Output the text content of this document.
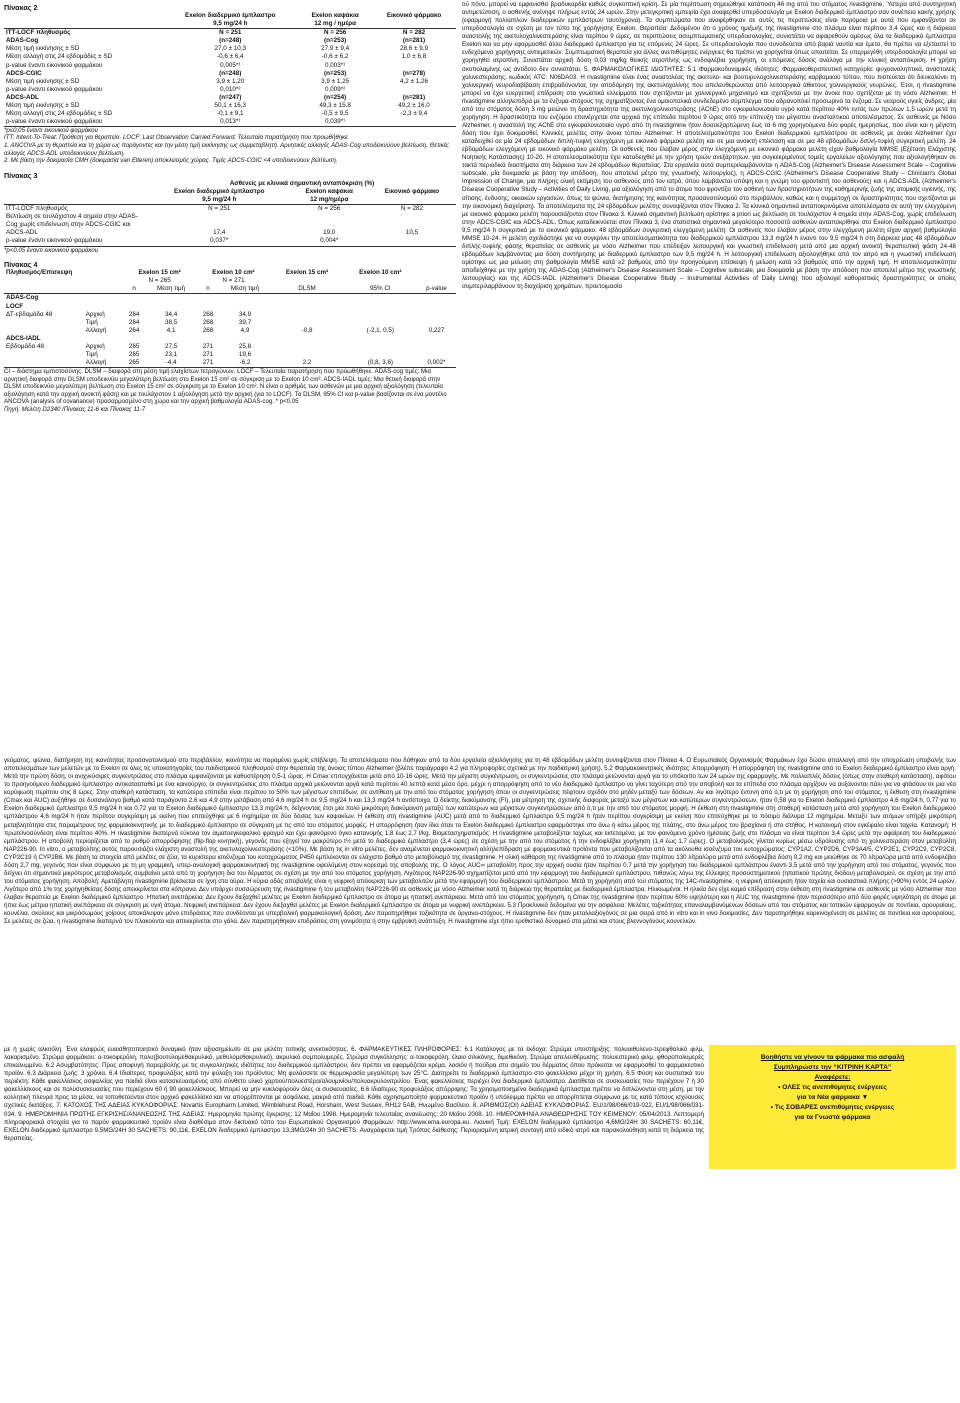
Πίνακας 2
	Exelon διαδερμικό έμπλαστρο	Exelon καψάκια	Εικονικό φάρμακο
	9,5 mg/24 h	12 mg / ημέρα	
ITT-LOCF πληθυσμός	N = 251	N = 256	N = 282
ADAS-Cog	(n=248)	(n=253)	(n=281)
Μέση τιμή εκκίνησης ± SD	27,0 ± 10,3	27,9 ± 9,4	28,6 ± 9,9
Μέση αλλαγή στις 24 εβδομάδες ± SD	-0,6 ± 6,4	-0,6 ± 6,2	1,0 ± 6,8
p-value έναντι εικονικού φαρμάκου	0,005*¹	0,003*¹	
ADCS-CGIC	(n=248)	(n=253)	(n=278)
Μέση τιμή εκκίνησης ± SD	3,9 ± 1,20	3,9 ± 1,25	4,2 ± 1,26
p-value έναντι εικονικού φαρμάκου	0,010*²	0,009*²	
ADCS-ADL	(n=247)	(n=254)	(n=281)
Μέση τιμή εκκίνησης ± SD	50,1 ± 16,3	49,3 ± 15,8	49,2 ± 16,0
Μέση αλλαγή στις 24 εβδομάδες ± SD	-0,1 ± 9,1	-0,5 ± 9,5	-2,3 ± 9,4
p-value έναντι εικονικού φαρμάκου	0,013*¹	0,039*¹	
*p≤0,05 έναντι εικονικού φαρμάκου
ITT: Intent-To-Treat: Πρόθεση για θεραπεία· LOCF: Last Observation Carried Forward: Τελευταία παρατήρηση που προωθήθηκε
1. ANCOVA με τη θεραπεία και τη χώρα ως παράγοντες και την μέση τιμή εκκίνησης ως συμμεταβλητή. Αρνητικές αλλαγές ADAS-Cog υποδεικνύουν βελτίωση. Θετικές αλλαγές ADCS-ADL υποδεικνύουν βελτίωση.
2. Με βάση την δοκιμασία CMH (δοκιμασία van Elteren) αποκλεισμός χώρας. Τιμές ADCS-CGIC <4 υποδεικνύουν βελτίωση.
Πίνακας 3
	Ασθενείς με κλινικά σημαντική ανταπόκριση (%)		
	Exelon διαδερμικό έμπλαστρο	Exelon καψάκια	Εικονικό φάρμακο
	9,5 mg/24 h	12 mg/ημέρα	
ITT-LOCF πληθυσμός	N = 251	N = 256	N = 282
Βελτίωση σε τουλάχιστον 4 σημεία στην ADAS-Cog χωρίς επιδείνωση στην ADCS-CGIC και ADCS-ADL	17,4	19,0	10,5
p-value έναντι εικονικού φαρμάκου	0,037*	0,004*	
*p<0,05 έναντι εικονικού φαρμάκου
Πίνακας 4
Πληθυσμός/Επίσκεψη		Exelon 15 cm²		Exelon 10 cm²		Exelon 15 cm²	Exelon 10 cm²	
		N = 265		N = 271				
		n	Μέση τιμή	n	Μέση τιμή	DLSM	95% CI	p-value
ADAS-Cog								
LOCF								
ΔΤ-εβδομάδα 48	Αρχική	264	34,4	268	34,9			
	Τιμή	264	38,5	268	39,7			
	Αλλαγή	264	4,1	268	4,9	-0,8	(-2,1, 0,5)	0,227
ADCS-IADL								
Εβδομάδα 48	Αρχική	265	27,5	271	25,8			
	Τιμή	265	23,1	271	19,6			
	Αλλαγή	265	-4,4	271	-6,2	2,2	(0,8, 3,6)	0,002*
CI – διάστημα εμπιστοσύνης. DLSM – διαφορά στη μέση τιμή ελαχίστων τετραγώνων. LOCF – Τελευταία παρατήρηση που προωθήθηκε. ADAS-cog τιμές: Μια αρνητική διαφορά στην DLSM υποδεικνύει μεγαλύτερη βελτίωση στο Exelon 15 cm² σε σύγκριση με το Exelon 10 cm². ADCS-IADL τιμές: Μια θετική διαφορά στην DLSM υποδεικνύει μεγαλύτερη βελτίωση στο Exelon 15 cm² σε σύγκριση με το Exelon 10 cm². Ν είναι ο αριθμός των ασθενών με μια αρχική αξιολόγηση (τελευταία αξιολόγηση κατά την αρχική ανοικτή φάση) και με τουλάχιστον 1 αξιολόγηση μετά την αρχική (για το LOCF). Τα DLSM, 95% CI και p-value βασίζονται σε ένα μοντέλο ANCOVA (analysis of covariance) προσαρμοσμένο στη χώρα και την αρχική βαθμολογία ADAS-cog. * p<0,05
Πηγή: Μελέτη D2340 /Πίνακας 11-6 και Πίνακας 11-7

ού πόνο, μπορεί να εμφανισθεί βραδυκαρδία καθώς συγκοπτική κρίση. Σε μία περίπτωση σημειώθηκε κατάποση 46 mg από του στόματος rivastigmine. Ύστερα από συντηρητική αντιμετώπιση, ο ασθενής ανένηψε πλήρως εντός 24 ωρών. Στην μετεγκριτική εμπειρία έχει αναφερθεί υπερδοσολογία με Exelon διαδερμικό έμπλαστρο σαν συνέπεια κακής χρήσης (εφαρμογή πολλαπλών διαδερμικών εμπλάστρων ταυτόχρονα). Τα συμπτώματα που αναφέρθηκαν σε αυτές τις περιπτώσεις είναι παρόμοια με αυτά που εμφανίζονται σε υπερδοσολογία σε σχέση με τον τύπο της χορήγησης Exelon. Θεραπεία: Δεδομένου ότι ο χρόνος ημιζωής της rivastigmine στο πλάσμα είναι περίπου 3,4 ώρες και η διάρκεια αναστολής της ακετυλοχολινεστεράσης είναι περίπου 9 ώρες, σε περιπτώσεις ασυμπτωματικής υπερδοσολογίας, συνιστάται να αφαιρεθούν αμέσως όλα τα διαδερμικά έμπλαστρα Exelon και να μην εφαρμοσθεί άλλο διαδερμικό έμπλαστρο για τις επόμενες 24 ώρες. Σε υπερδοσολογία που συνοδεύεται από βαριά ναυτία και έμετο, θα πρέπει να εξεταστεί το ενδεχόμενο χορήγησης αντιεμετικών. Συμπτωματική θεραπεία για άλλες ανεπιθύμητες ενέργειες θα πρέπει να χορηγείται όπως απαιτείται. Σε υπερμεγέθη υπερδοσολογία μπορεί να χορηγηθεί ατροπίνη. Συνιστάται αρχική δόση 0,03 mg/kg θειικής ατροπίνης ως ενδοφλέβια χορήγηση, οι επόμενες δόσεις ανάλογα με την κλινική ανταπόκριση. Η χρήση σκοπολαμίνης ως αντίδοτο δεν συνιστάται. 5. ΦΑΡΜΑΚΟΛΟΓΙΚΕΣ ΙΔΙΟΤΗΤΕΣ: 5.1 Φαρμακοδυναμικές ιδιότητες: Φαρμακοθεραπευτική κατηγορία: ψυχοαναληπτικά, αναστολείς χολινεστεράσης, κωδικός ATC: N06DA03. Η rivastigmine είναι ένας αναστολέας της ακετυλο- και βουτυρυλοχολινεστεράσης καρβαμικού τύπου, που πιστεύεται ότι διευκολύνει τη χολινεργική νευροδιαβίβαση επιβραδύνοντας την αποδόμηση της ακετυλοχολίνης που απελευθερώνεται από λειτουργικά άθικτους χολινεργικούς νευρώνες. Έτσι, η rivastigmine μπορεί να έχει ευεργετική επίδραση στα γνωστικά ελλείμματα που σχετίζονται με χολινεργικό μηχανισμό και σχετίζονται με την άνοια που σχετίζεται με τη νόσο Alzheimer. Η rivastigmine αλληλεπιδρά με τα ένζυμα-στόχους της σχηματίζοντας ένα ομοιοπολικά συνδεδεμένο σύμπλεγμα που αδρανοποιεί προσωρινά τα ένζυμα. Σε νεαρούς υγιείς άνδρες, μία από του στόματος δόση 3 mg μειώνει τη δραστηριότητα της ακετυλοχολινεστεράσης (AChE) στο εγκεφαλονωτιαίο υγρό κατά περίπου 40% εντός των πρώτων 1,5 ωρών μετά τη χορήγηση. Η δραστικότητα του ενζύμου επανέρχεται στα αρχικά της επίπεδα περίπου 9 ώρες από την επίτευξη του μέγιστου ανασταλτικού αποτελέσματος. Σε ασθενείς με Νόσο Alzheimer, η αναστολή της AChE στο εγκεφαλονωτιαίο υγρό από τη rivastigmine ήταν δοσοεξαρτώμενη έως τα 6 mg χορηγούμενα δύο φορές ημερησίως, που είναι και η μέγιστη δόση που έχει δοκιμασθεί. Κλινικές μελέτες στην άνοια τύπου Alzheimer: Η αποτελεσματικότητα του Exelon διαδερμικού εμπλάστρου σε ασθενείς με άνοια Alzheimer έχει καταδειχθεί σε μία 24 εβδομάδων διπλή-τυφλή ελεγχόμενη με εικονικό φάρμακο μελέτη και σε μια ανοικτή επέκταση και σε μια 48 εβδομάδων διπλή-τυφλή συγκριτική μελέτη. 24 εβδομάδων ελεγχόμενη με εικονικό φάρμακο μελέτη: Οι ασθενείς που έλαβαν μέρος στην ελεγχόμενη με εικονικό φάρμακο μελέτη είχαν βαθμολογία MMSE (Εξέταση Ελάχιστης Νοητικής Κατάστασης) 10-20. Η αποτελεσματικότητα έχει καταδειχθεί με την χρήση τριών ανεξάρτητων, για συγκεκριμένους τομείς εργαλείων αξιολόγησης που αξιολογήθηκαν σε τακτά περιοδικά διαστήματα στη διάρκεια των 24 εβδομάδων θεραπείας. Στα εργαλεία αυτά συμπεριλαμβάνονται η ADAS-Cog (Alzheimer's Disease Assessment Scale – Cognitive subscale, μία δοκιμασία με βάση την απόδοση, που αποτελεί μέτρο της γνωστικής λειτουργίας), η ADCS-CGIC (Alzheimer's Disease Cooperative Study – Clinician's Global Impression of Change, μια πλήρης ολική εκτίμηση του ασθενούς από τον ιατρό, όπου λαμβάνεται υπόψη και η γνώμη του φροντιστή του ασθενούς) και η ADCS-ADL (Alzheimer's Disease Cooperative Study – Activities of Daily Living, μια αξιολόγηση από το άτομο που φροντίζει τον ασθενή των δραστηριοτήτων της καθημερινής ζωής της ατομικής υγιεινής, της σίτισης, ένδυσης, οικιακών εργασιών, όπως τα ψώνια, διατήρησης της ικανότητας προσανατολισμού στο περιβάλλον, καθώς και η συμμετοχή σε δραστηριότητες που σχετίζονται με την οικονομική διαχείριση). Τα αποτελέσματα της 24 εβδομάδων μελέτης συνοψίζονται στον Πίνακα 2. Τα κλινικά σημαντικά ανταποκρινόμενα αποτελέσματα σε αυτή την ελεγχόμενη με εικονικό φάρμακο μελέτη παρουσιάζονται στον Πίνακα 3. Κλινικά σημαντική βελτίωση ορίστηκε a priori ως βελτίωση σε τουλάχιστον 4 σημεία στην ADAS-Cog, χωρίς επιδείνωση στην ADCS-CGIC και ADCS-ADL. Όπως καταδεικνύεται στον Πίνακα 3, ένα στατιστικά σημαντικά μεγαλύτερο ποσοστό ασθενών ανταποκρίθηκε στο Exelon διαδερμικό έμπλαστρο 9,5 mg/24 h συγκριτικά με το εικονικό φάρμακο. 48 εβδομάδων συγκριτική ελεγχόμενη μελέτη: Οι ασθενείς που έλαβαν μέρος στην ελεγχόμενη μελέτη είχαν αρχική βαθμολογία MMSE 10-24. Η μελέτη σχεδιάστηκε για να συγκρίνει την αποτελεσματικότητα του διαδερμικού εμπλάστρου 13,3 mg/24 h έναντι του 9,5 mg/24 h στη διάρκεια μιας 48 εβδομάδων διπλής-τυφλής φάσης θεραπείας σε ασθενείς με νόσο Alzheimer που επέδειξαν λειτουργική και γνωστική επιδείνωση μετά από μια αρχική ανοικτή θεραπευτική φάση 24-48 εβδομάδων λαμβάνοντας μια δόση συντήρησης με διαδερμικό έμπλαστρο των 9,5 mg/24 h. Η λειτουργική επιδείνωση αξιολογήθηκε από τον ιατρό και η γνωστική επιδείνωση ορίστηκε ως μια μείωση στη βαθμολογία MMSE κατά ≥2 βαθμούς από την προηγούμενη επίσκεψη ή μείωση κατά ≥3 βαθμούς από την αρχική τιμή. Η αποτελεσματικότητα αποδείχθηκε με την χρήση της ADAS-Cog (Alzheimer's Disease Assessment Scale – Cognitive subscale, μια δοκιμασία με βάση την απόδοση που αποτελεί μέτρο της γνωστικής λειτουργίας) και της ADCS-IADL (Alzheimer's Disease Cooperative Study – Instrumental Activities of Daily Living) που αξιολογεί καθοριστικές δραστηριότητες οι οποίες συμπεριλαμβάνουν τη διαχείριση χρημάτων, προετοιμασία

γεύματος, ψώνια, διατήρηση της ικανότητας προσανατολισμού στο περιβάλλον, ικανότητα να παραμένει χωρίς επίβλεψη. Τα αποτελέσματα που δόθηκαν από τα δύο εργαλεία αξιολόγησης για τη 48 εβδομάδων μελέτη συνοψίζονται στον Πίνακα 4. Ο Ευρωπαϊκός Οργανισμός Φαρμάκων έχει δώσει απαλλαγή από την υποχρέωση υποβολής των αποτελεσμάτων των μελετών με το Exelon σε όλες τις υποκατηγορίες του παιδιατρικού πληθυσμού στην θεραπεία της άνοιας τύπου Alzheimer (βλέπε παράγραφο 4.2 για πληροφορίες σχετικά με την παιδιατρική χρήση). 5.2 Φαρμακοκινητικές ιδιότητες: Απορρόφηση: Η απορρόφηση της rivastigmine από το Exelon διαδερμικό έμπλαστρο είναι αργή. Μετά την πρώτη δόση, οι ανιχνεύσιμες συγκεντρώσεις στο πλάσμα εμφανίζονται με καθυστέρηση 0,5-1 ώρας. Η Cmax επιτυγχάνεται μετά από 10-16 ώρες. Μετά την μέγιστη συγκέντρωση, οι συγκεντρώσεις στο πλάσμα μειώνονται αργά για το υπόλοιπο των 24 ωρών της εφαρμογής. Με πολλαπλές δόσεις (όπως στην σταθερή κατάσταση), αφότου το προηγούμενο διαδερμικό έμπλαστρο αντικατασταθεί με ένα καινούργιο, οι συγκεντρώσεις στο πλάσμα αρχικά μειώνονται αργά κατά περίπου 40 λεπτά κατά μέσο όρο, μέχρι η απορρόφηση από το νέο διαδερμικό έμπλαστρο να γίνει ταχύτερη από την αποβολή και τα επίπεδα στο πλάσμα αρχίζουν να αυξάνονται πάλι για να φτάσουν σε μια νέα κορύφωση περίπου στις 8 ώρες. Στην σταθερή κατάσταση, τα κατώτερα επίπεδα είναι περίπου το 50% των μέγιστων επιπέδων, σε αντίθεση με την από του στόματος χορήγηση όπου οι συγκεντρώσεις πέφτουν σχεδόν στο μηδέν μεταξύ των δόσεων. Αν και λιγότερο έντονη από ό,τι με τη χορήγηση από του στόματος, η έκθεση στη rivastigmine (Cmax και AUC) αυξήθηκε σε δυσανάλογο βαθμό κατά παράγοντα 2,6 και 4,9 στην μετάβαση από 4,6 mg/24 h σε 9,5 mg/24 h και 13,3 mg/24 h αντίστοιχα. Ο δείκτης διακύμανσης (FI), μια μέτρηση της σχετικής διαφοράς μεταξύ των μέγιστων και κατώτερων συγκεντρώσεων, ήταν 0,58 για το Exelon διαδερμικό έμπλαστρο 4,6 mg/24 h, 0,77 για το Exelon διαδερμικό έμπλαστρο 9,5 mg/24 h και 0,72 για το Exelon διαδερμικό έμπλαστρο 13,3 mg/24 h, δείχνοντας έτσι μια πολύ μικρότερη διακύμανση μεταξύ των κατώτερων και μέγιστων συγκεντρώσεων από ό,τι με την από του στόματος μορφή. Η έκθεση στη rivastigmine στη σταθερή κατάσταση μετά από χορήγηση του Exelon διαδερμικού εμπλάστρου 4,6 mg/24 h ήταν περίπου συγκρίσιμη με εκείνη που επιτεύχθηκε με 6 mg/ημέρα σε δύο δόσεις των καψακίων. Η έκθεση στη rivastigmine (AUC) μετά από το διαδερμικό έμπλαστρο 9,5 mg/24 h ήταν περίπου συγκρίσιμη με εκείνη που επιτεύχθηκε με το πόσιμο διάλυμα 12 mg/ημέρα. Μεταξύ των ατόμων υπήρξε μικρότερη μεταβλητότητα στις παραμέτρους της φαρμακοκινητικής με το διαδερμικό έμπλαστρο σε σύγκριση με τις από του στόματος μορφές. Η απορρόφηση ήταν ίδια όταν το Exelon διαδερμικό έμπλαστρο εφαρμόστηκε στο άνω ή κάτω μέρος της πλάτης, στο άνω μέρος του βραχίονα ή στο στήθος. Η κατανομή στον εγκέφαλο είναι ταχεία. Κατανομή: Η πρωτεϊνοσύνδεση είναι περίπου 40%. Η rivastigmine διαπερνά εύκολα τον αιματοεγκεφαλικό φραγμό και έχει φαινόμενο όγκο κατανομής 1,8 έως 2,7 l/kg. Βιομετασχηματισμός: Η rivastigmine μεταβολίζεται ταχέως και εκτεταμένα, με τον φαινόμενο χρόνο ημίσειας ζωής στο πλάσμα να είναι περίπου 3,4 ώρες μετά την αφαίρεση του διαδερμικού εμπλάστρου. Η αποβολή περιορίζεται από το ρυθμό απορρόφησης (flip-flop κινητική), γεγονός που εξηγεί τον μακρύτερο t½ μετά το διαδερμικό έμπλαστρο (3,4 ώρες) σε σχέση με την από του στόματος ή την ενδοφλέβια χορήγηση (1,4 έως 1,7 ώρες). Ο μεταβολισμός γίνεται κυρίως μέσω υδρόλυσης από τη χολινεστεράση στον μεταβολίτη NAP226-90. In vitro, ο μεταβολίτης αυτός παρουσιάζει ελάχιστη αναστολή της ακετυλοχολινεστεράσης (<10%). Με βάση τις in vitro μελέτες, δεν αναμένεται φαρμακοκινητική αλληλεπίδραση με φαρμακευτικά προϊόντα που μεταβολίζονται από τα ακόλουθα ισοένζυμα του κυτοχρώματος: CYP1A2, CYP2D6, CYP3A4/5, CYP2E1, CYP2C9, CYP2C8, CYP2C19 ή CYP2B6. Με βάση τα στοιχεία από μελέτες σε ζώα, τα κυριότερα ισοένζυμα του κυτοχρώματος P450 εμπλέκονται σε ελάχιστο βαθμό στο μεταβολισμό της rivastigmine. Η ολική κάθαρση της rivastigmine από το πλάσμα ήταν περίπου 130 λίτρα/ώρα μετά από ενδοφλέβια δόση 0,2 mg και μειώθηκε σε 70 λίτρα/ώρα μετά από ενδοφλέβια δόση 2,7 mg, γεγονός που είναι σύμφωνο με τη μη γραμμική, υπερ-αναλογική φαρμακοκινητική της rivastigmine οφειλόμενη στον κορεσμό της αποβολής της. Ο λόγος AUC∞ μεταβολίτη προς την αρχική ουσία ήταν περίπου 0,7 μετά την χορήγηση του διαδερμικού εμπλάστρου έναντι 3,5 μετά από την χορήγηση από του στόματος, γεγονός που δείχνει ότι σημαντικά μικρότερος μεταβολισμός συμβαίνει μετά από τη χορήγηση δια του δέρματος σε σχέση με την από του στόματος χορήγηση. Λιγότερος NAP226-90 σχηματίζεται μετά από την εφαρμογή του διαδερμικού εμπλάστρου, πιθανώς λόγω της έλλειψης προσυστηματικού (ηπατικού πρώτης διόδου) μεταβολισμού, σε σχέση με την από του στόματος χορήγηση. Αποβολή: Αμετάβλητη rivastigmine βρίσκεται σε ίχνη στα ούρα. Η κύρια οδός αποβολής είναι η νεφρική απέκκριση των μεταβολιτών μετά την εφαρμογή του διαδερμικού εμπλάστρου. Μετά τη χορήγηση από του στόματος της 14C-rivastigmine, η νεφρική απέκκριση ήταν ταχεία και ουσιαστικά πλήρης (>90%) εντός 24 ωρών. Λιγότερο από 1% της χορηγηθείσας δόσης απεκκρίνεται στα κόπρανα. Δεν υπάρχει συσσώρευση της rivastigmine ή του μεταβολίτη NAP226-90 σε ασθενείς με νόσο Alzheimer κατά τη διάρκεια της θεραπείας με διαδερμικά έμπλαστρα. Ηλικιωμένοι: Η ηλικία δεν είχε καμιά επίδραση στην έκθεση στη rivastigmine σε ασθενείς με νόσο Alzheimer που έλαβαν θεραπεία με Exelon διαδερμικό έμπλαστρο. Ηπατική ανεπάρκεια: Δεν έχουν διεξαχθεί μελέτες με Exelon διαδερμικό έμπλαστρο σε άτομα με ηπατική ανεπάρκεια. Μετά από του στόματος χορήγηση, η Cmax της rivastigmine ήταν περίπου 60% υψηλότερη και η AUC της rivastigmine ήταν περισσότερο από δύο φορές υψηλότερη σε άτομα με ήπια έως μέτρια ηπατική ανεπάρκεια σε σύγκριση με υγιή άτομα. Νεφρική ανεπάρκεια: Δεν έχουν διεξαχθεί μελέτες με Exelon διαδερμικό έμπλαστρο σε άτομα με νεφρική ανεπάρκεια. 5.3 Προκλινικά δεδομένα για την ασφάλεια: Μελέτες τοξικότητας επαναλαμβανόμενων δόσεων από του στόματος και τοπικών εφαρμογών σε ποντίκια, αρουραίους, κουνέλια, σκύλους και μικρόσωμους χοίρους αποκάλυψαν μόνο επιδράσεις που συνδέονται με υπερβολική φαρμακολογική δράση. Δεν παρατηρήθηκε τοξικότητα σε όργανα-στόχους. Η rivastigmine δεν ήταν μεταλλαξιογόνος σε μια σειρά από in vitro και in vivo δοκιμασίες. Δεν παρατηρήθηκε καρκινογένεση σε μελέτες σε ποντίκια και αρουραίους. Σε μελέτες σε ζώα, η rivastigmine διαπερνά τον πλακούντα και απεκκρίνεται στο γάλα. Δεν παρατηρήθηκαν επιδράσεις στη γονιμότητα ή στην εμβρυϊκή ανάπτυξη. Η rivastigmine είχε ήπιο ερεθιστικό δυναμικό στα μάτια και στους βλεννογόνους κουνελιών.

με ή χωρίς αλκοόλη. Ένα ελαφρώς ευαισθητοποιητικό δυναμικό ήταν αξιοσημείωτο σε μια μελέτη τοπικής ανεκτικότητας. 6. ΦΑΡΜΑΚΕΥΤΙΚΕΣ ΠΛΗΡΟΦΟΡΙΕΣ: 6.1 Κατάλογος με τα έκδοχα: Στρώμα υποστήριξης: πολυαιθυλενο-τερεφθαλικό φιλμ, λακαρισμένο. Στρώμα φαρμάκου: α-τοκοφερόλη, πολυ(βουτυλομεθακρυλικό, μεθυλομεθακρυλικό), ακρυλικό συμπολυμερές. Στρώμα συγκόλλησης: α-τοκοφερόλη, έλαιο σιλικόνης, διμεθικόνη. Στρώμα απελευθέρωσης: πολυεστερικό φιλμ, φθοροπολυμερές επικαλυμμένο. 6.2 Ασυμβατότητες: Προς αποφυγή παρεμβολής με τις συγκολλητικές ιδιότητες του διαδερμικού εμπλάστρου, δεν πρέπει να εφαρμόζεται κρέμα, λοσιόν ή πούδρα στο σημείο του δέρματος όπου πρόκειται να εφαρμοσθεί το φαρμακευτικό προϊόν. 6.3 Διάρκεια ζωής: 3 χρόνια. 6.4 Ιδιαίτερες προφυλάξεις κατά την φύλαξη του προϊόντος: Μη φυλάσσετε σε θερμοκρασία μεγαλύτερη των 25°C. Διατηρείτε το διαδερμικό έμπλαστρο στο φακελλίσκο μέχρι τη χρήση. 6.5 Φύση και συστατικά του περιέκτη: Κάθε φακελλίσκος ασφαλείας για παιδιά είναι κατασκευασμένος από σύνθετο υλικό χαρτιού/πολυεστέρα/αλουμινίου/πολυακρυλονιτριλίου. Ένας φακελλίσκος περιέχει ένα διαδερμικό έμπλαστρο. Διατίθεται σε συσκευασίες που περιέχουν 7 ή 30 φακελλίσκους και σε πολυσυσκευασίες που περιέχουν 60 ή 90 φακελλίσκους. Μπορεί να μην κυκλοφορούν όλες οι συσκευασίες. 6.6 Ιδιαίτερες προφυλάξεις απόρριψης: Τα χρησιμοποιημένα διαδερμικά έμπλαστρα πρέπει να διπλώνονται στη μέση, με την κολλητική πλευρά προς τα μέσα, να τοποθετούνται στον αρχικό φακελλίσκο και να απορρίπτονται με ασφάλεια, μακριά από παιδιά. Κάθε αχρησιμοποίητο φαρμακευτικό προϊόν ή υπόλειμμα πρέπει να απορρίπτεται σύμφωνα με τις κατά τόπους ισχύουσες σχετικές διατάξεις. 7. ΚΑΤΟΧΟΣ ΤΗΣ ΑΔΕΙΑΣ ΚΥΚΛΟΦΟΡΙΑΣ: Novartis Europharm Limited, Wimblehurst Road, Horsham, West Sussex, RH12 5AB, Ηνωμένο Βασίλειο. 8. ΑΡΙΘΜΟΣ(ΟΙ) ΑΔΕΙΑΣ ΚΥΚΛΟΦΟΡΙΑΣ: EU/1/98/066/019-022, EU/1/98/066/031-034. 9. ΗΜΕΡΟΜΗΝΙΑ ΠΡΩΤΗΣ ΕΓΚΡΙΣΗΣ/ΑΝΑΝΕΩΣΗΣ ΤΗΣ ΑΔΕΙΑΣ: Ημερομηνία πρώτης έγκρισης: 12 Μαΐου 1998. Ημερομηνία τελευταίας ανανέωσης: 20 Μαΐου 2008. 10. ΗΜΕΡΟΜΗΝΙΑ ΑΝΑΘΕΩΡΗΣΗΣ ΤΟΥ ΚΕΙΜΕΝΟΥ: 05/04/2013. Λεπτομερή πληροφοριακά στοιχεία για το παρόν φαρμακευτικό προϊόν είναι διαθέσιμα στον δικτυακό τόπο του Ευρωπαϊκού Οργανισμού Φαρμάκων: http://www.ema.europa.eu. Λιανική Τιμή: EXELON διαδερμικό έμπλαστρο 4,6MG/24H 30 SACHETS: 60,11€, EXELON διαδερμικό έμπλαστρο 9,5MG/24H 30 SACHETS: 90,11€, EXELON διαδερμικό έμπλαστρο 13,3MG/24h 30 SACHETS. Αναγράφεται τιμή Τρόπος διάθεσης: Περιορισμένη ιατρική συνταγή από ειδικό ιατρό και παρακολούθηση κατά τη διάρκεια της θεραπείας.

Βοηθήστε να γίνουν τα φάρμακα πιο ασφαλή
Συμπληρώστε την “ΚΙΤΡΙΝΗ ΚΑΡΤΑ”
Αναφέρετε:
• ΟΛΕΣ τις ανεπιθύμητες ενέργειες
για τα Νέα φάρμακα ▼
• Τις ΣΟΒΑΡΕΣ ανεπιθύμητες ενέργειες
για τα Γνωστά φάρμακα
